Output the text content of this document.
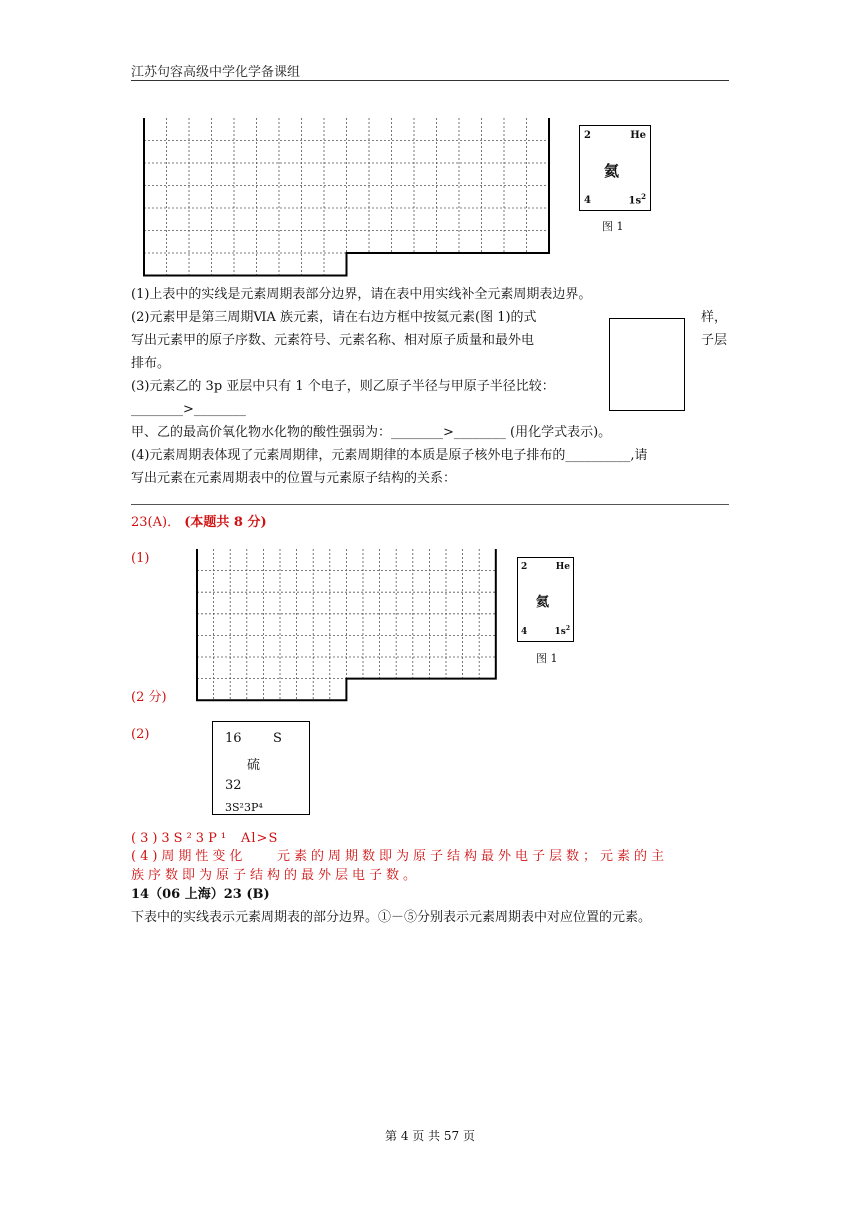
江苏句容高级中学化学备课组
2	He
氦
4	$1s^2$
图 1
(1)上表中的实线是元素周期表部分边界，请在表中用实线补全元素周期表边界。
(2)元素甲是第三周期ⅥA 族元素，请在右边方框中按氦元素(图 1)的式	样，
写出元素甲的原子序数、元素符号、元素名称、相对原子质量和最外电	子层
排布。
(3)元素乙的 3p 亚层中只有 1 个电子，则乙原子半径与甲原子半径比较：
________>________
甲、乙的最高价氧化物水化物的酸性强弱为：________>________ (用化学式表示)。
(4)元素周期表体现了元素周期律，元素周期律的本质是原子核外电子排布的__________,请
写出元素在元素周期表中的位置与元素原子结构的关系：
23(A)． (本题共 8 分)
(1)
2	He
氦
4	$1s^2$
图 1
(2 分)
(2)	16 S
硫
32
3S²3P⁴
(3)3S²3P¹ Al>S
(4)周期性变化 元素的周期数即为原子结构最外电子层数；元素的主
族序数即为原子结构的最外层电子数。
14（06 上海）23 (B)
下表中的实线表示元素周期表的部分边界。①－⑤分别表示元素周期表中对应位置的元素。
第 4 页 共 57 页
